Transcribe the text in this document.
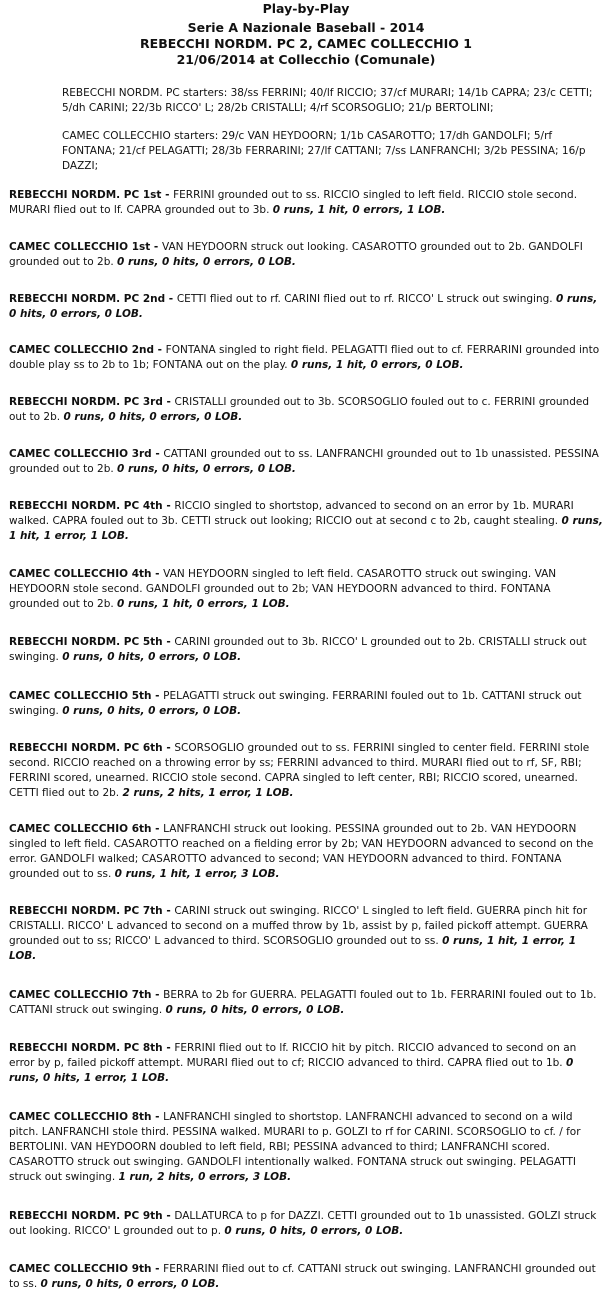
Play-by-Play
Serie A Nazionale Baseball - 2014
REBECCHI NORDM. PC 2, CAMEC COLLECCHIO 1
21/06/2014 at Collecchio (Comunale)

REBECCHI NORDM. PC starters: 38/ss FERRINI; 40/lf RICCIO; 37/cf MURARI; 14/1b CAPRA; 23/c CETTI; 5/dh CARINI; 22/3b RICCO' L; 28/2b CRISTALLI; 4/rf SCORSOGLIO; 21/p BERTOLINI;

CAMEC COLLECCHIO starters: 29/c VAN HEYDOORN; 1/1b CASAROTTO; 17/dh GANDOLFI; 5/rf FONTANA; 21/cf PELAGATTI; 28/3b FERRARINI; 27/lf CATTANI; 7/ss LANFRANCHI; 3/2b PESSINA; 16/p DAZZI;

REBECCHI NORDM. PC 1st - FERRINI grounded out to ss. RICCIO singled to left field. RICCIO stole second. MURARI flied out to lf. CAPRA grounded out to 3b. 0 runs, 1 hit, 0 errors, 1 LOB.

CAMEC COLLECCHIO 1st - VAN HEYDOORN struck out looking. CASAROTTO grounded out to 2b. GANDOLFI grounded out to 2b. 0 runs, 0 hits, 0 errors, 0 LOB.

REBECCHI NORDM. PC 2nd - CETTI flied out to rf. CARINI flied out to rf. RICCO' L struck out swinging. 0 runs, 0 hits, 0 errors, 0 LOB.

CAMEC COLLECCHIO 2nd - FONTANA singled to right field. PELAGATTI flied out to cf. FERRARINI grounded into double play ss to 2b to 1b; FONTANA out on the play. 0 runs, 1 hit, 0 errors, 0 LOB.

REBECCHI NORDM. PC 3rd - CRISTALLI grounded out to 3b. SCORSOGLIO fouled out to c. FERRINI grounded out to 2b. 0 runs, 0 hits, 0 errors, 0 LOB.

CAMEC COLLECCHIO 3rd - CATTANI grounded out to ss. LANFRANCHI grounded out to 1b unassisted. PESSINA grounded out to 2b. 0 runs, 0 hits, 0 errors, 0 LOB.

REBECCHI NORDM. PC 4th - RICCIO singled to shortstop, advanced to second on an error by 1b. MURARI walked. CAPRA fouled out to 3b. CETTI struck out looking; RICCIO out at second c to 2b, caught stealing. 0 runs, 1 hit, 1 error, 1 LOB.

CAMEC COLLECCHIO 4th - VAN HEYDOORN singled to left field. CASAROTTO struck out swinging. VAN HEYDOORN stole second. GANDOLFI grounded out to 2b; VAN HEYDOORN advanced to third. FONTANA grounded out to 2b. 0 runs, 1 hit, 0 errors, 1 LOB.

REBECCHI NORDM. PC 5th - CARINI grounded out to 3b. RICCO' L grounded out to 2b. CRISTALLI struck out swinging. 0 runs, 0 hits, 0 errors, 0 LOB.

CAMEC COLLECCHIO 5th - PELAGATTI struck out swinging. FERRARINI fouled out to 1b. CATTANI struck out swinging. 0 runs, 0 hits, 0 errors, 0 LOB.

REBECCHI NORDM. PC 6th - SCORSOGLIO grounded out to ss. FERRINI singled to center field. FERRINI stole second. RICCIO reached on a throwing error by ss; FERRINI advanced to third. MURARI flied out to rf, SF, RBI; FERRINI scored, unearned. RICCIO stole second. CAPRA singled to left center, RBI; RICCIO scored, unearned. CETTI flied out to 2b. 2 runs, 2 hits, 1 error, 1 LOB.

CAMEC COLLECCHIO 6th - LANFRANCHI struck out looking. PESSINA grounded out to 2b. VAN HEYDOORN singled to left field. CASAROTTO reached on a fielding error by 2b; VAN HEYDOORN advanced to second on the error. GANDOLFI walked; CASAROTTO advanced to second; VAN HEYDOORN advanced to third. FONTANA grounded out to ss. 0 runs, 1 hit, 1 error, 3 LOB.

REBECCHI NORDM. PC 7th - CARINI struck out swinging. RICCO' L singled to left field. GUERRA pinch hit for CRISTALLI. RICCO' L advanced to second on a muffed throw by 1b, assist by p, failed pickoff attempt. GUERRA grounded out to ss; RICCO' L advanced to third. SCORSOGLIO grounded out to ss. 0 runs, 1 hit, 1 error, 1 LOB.

CAMEC COLLECCHIO 7th - BERRA to 2b for GUERRA. PELAGATTI fouled out to 1b. FERRARINI fouled out to 1b. CATTANI struck out swinging. 0 runs, 0 hits, 0 errors, 0 LOB.

REBECCHI NORDM. PC 8th - FERRINI flied out to lf. RICCIO hit by pitch. RICCIO advanced to second on an error by p, failed pickoff attempt. MURARI flied out to cf; RICCIO advanced to third. CAPRA flied out to 1b. 0 runs, 0 hits, 1 error, 1 LOB.

CAMEC COLLECCHIO 8th - LANFRANCHI singled to shortstop. LANFRANCHI advanced to second on a wild pitch. LANFRANCHI stole third. PESSINA walked. MURARI to p. GOLZI to rf for CARINI. SCORSOGLIO to cf. / for BERTOLINI. VAN HEYDOORN doubled to left field, RBI; PESSINA advanced to third; LANFRANCHI scored. CASAROTTO struck out swinging. GANDOLFI intentionally walked. FONTANA struck out swinging. PELAGATTI struck out swinging. 1 run, 2 hits, 0 errors, 3 LOB.

REBECCHI NORDM. PC 9th - DALLATURCA to p for DAZZI. CETTI grounded out to 1b unassisted. GOLZI struck out looking. RICCO' L grounded out to p. 0 runs, 0 hits, 0 errors, 0 LOB.

CAMEC COLLECCHIO 9th - FERRARINI flied out to cf. CATTANI struck out swinging. LANFRANCHI grounded out to ss. 0 runs, 0 hits, 0 errors, 0 LOB.
